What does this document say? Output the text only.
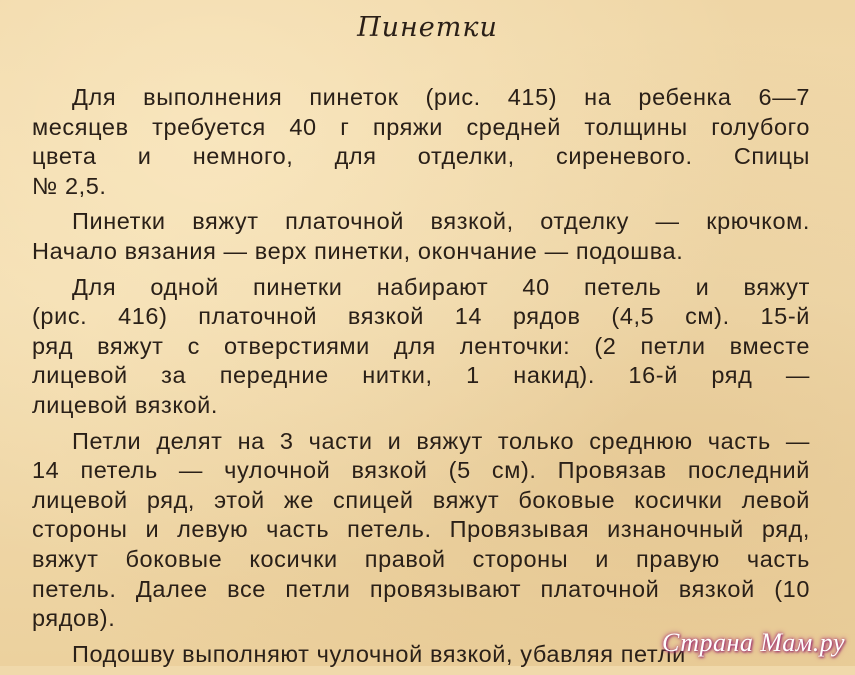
Пинетки

Для выполнения пинеток (рис. 415) на ребенка 6—7
месяцев требуется 40 г пряжи средней толщины голубого
цвета и немного, для отделки, сиреневого. Спицы
№ 2,5.

Пинетки вяжут платочной вязкой, отделку — крючком.
Начало вязания — верх пинетки, окончание — подошва.

Для одной пинетки набирают 40 петель и вяжут
(рис. 416) платочной вязкой 14 рядов (4,5 см). 15-й
ряд вяжут с отверстиями для ленточки: (2 петли вместе
лицевой за передние нитки, 1 накид). 16-й ряд —
лицевой вязкой.

Петли делят на 3 части и вяжут только среднюю часть —
14 петель — чулочной вязкой (5 см). Провязав последний
лицевой ряд, этой же спицей вяжут боковые косички левой
стороны и левую часть петель. Провязывая изнаночный ряд,
вяжут боковые косички правой стороны и правую часть
петель. Далее все петли провязывают платочной вязкой (10
рядов).

Подошву выполняют чулочной вязкой, убавляя петли

Страна Мам.ру
